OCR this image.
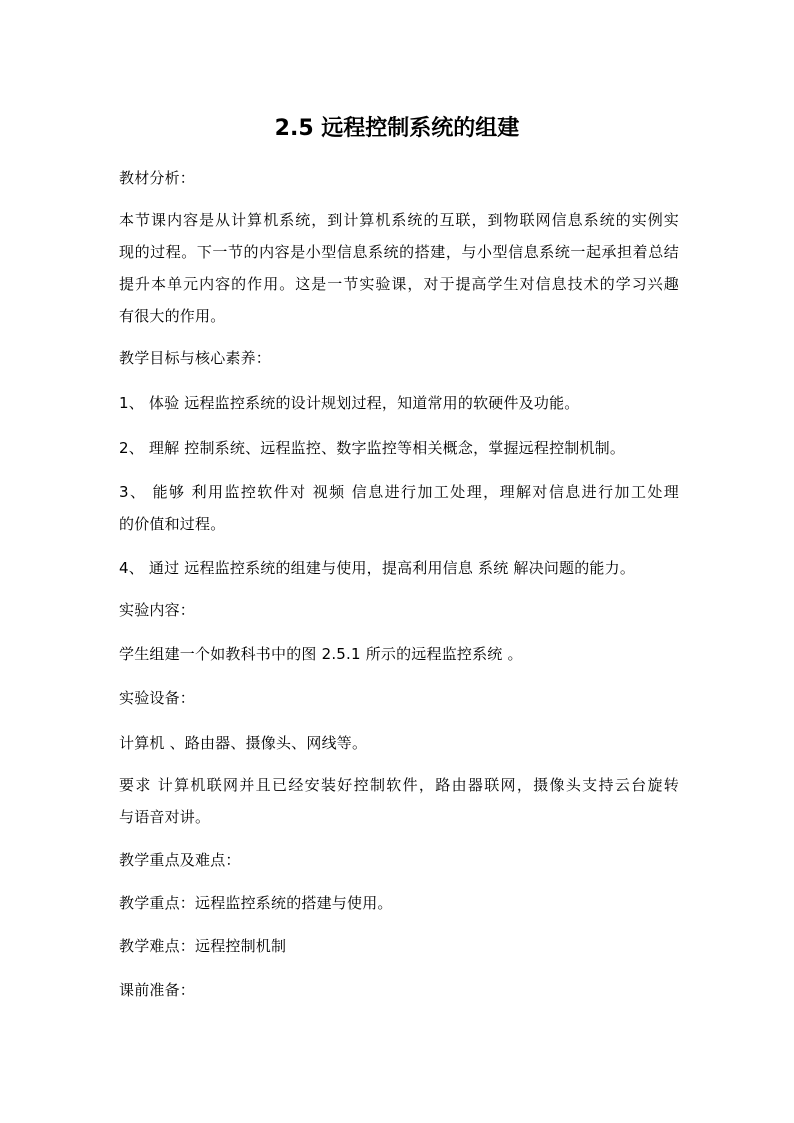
2.5 远程控制系统的组建
教材分析：
本节课内容是从计算机系统，到计算机系统的互联，到物联网信息系统的实例实
现的过程。下一节的内容是小型信息系统的搭建，与小型信息系统一起承担着总结
提升本单元内容的作用。这是一节实验课，对于提高学生对信息技术的学习兴趣
有很大的作用。
教学目标与核心素养：
1、 体验 远程监控系统的设计规划过程，知道常用的软硬件及功能。
2、 理解 控制系统、远程监控、数字监控等相关概念，掌握远程控制机制。
3、 能够 利用监控软件对 视频 信息进行加工处理，理解对信息进行加工处理
的价值和过程。
4、 通过 远程监控系统的组建与使用，提高利用信息 系统 解决问题的能力。
实验内容：
学生组建一个如教科书中的图 2.5.1 所示的远程监控系统 。
实验设备：
计算机 、路由器、摄像头、网线等。
要求 计算机联网并且已经安装好控制软件，路由器联网，摄像头支持云台旋转
与语音对讲。
教学重点及难点：
教学重点：远程监控系统的搭建与使用。
教学难点：远程控制机制
课前准备：
